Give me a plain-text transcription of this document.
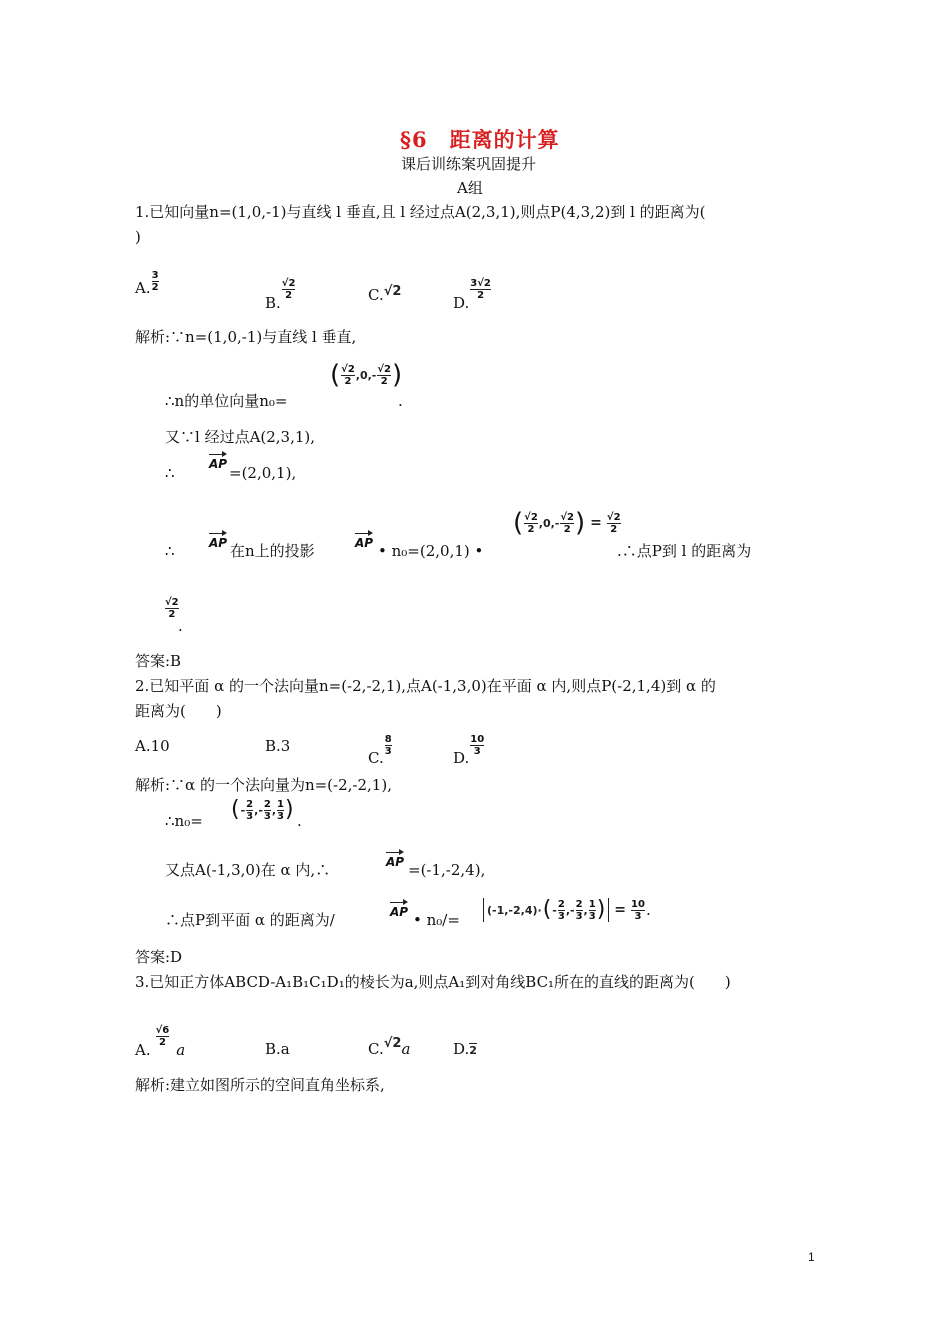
§6　距离的计算
课后训练案巩固提升
A组
1.已知向量n=(1,0,-1)与直线 l 垂直,且 l 经过点A(2,3,1),则点P(4,3,2)到 l 的距离为(
)
A. $\frac{3}{2}$
B.
$\frac{√2}{2}$	C.√2
D.
$\frac{3√2}{2}$
解析:∵n=(1,0,-1)与直线 l 垂直,
∴n的单位向量n₀=
( $\frac{√2}{2} ,0,- \frac{√2}{2}$ )
.
又∵l 经过点A(2,3,1),
∴	AP =(2,0,1),
∴	AP 在n上的投影	AP • n₀=(2,0,1) •
( $\frac{√2}{2} ,0,- \frac{√2}{2}$ ) = $\frac{√2}{2}$
.∴点P到 l 的距离为
$\frac{√2}{2}$
.
答案:B
2.已知平面 α 的一个法向量n=(-2,-2,1),点A(-1,3,0)在平面 α 内,则点P(-2,1,4)到 α 的
距离为(　　)
A.10	B.3
C.
$\frac{8}{3}$
D.
$\frac{10}{3}$
解析:∵α 的一个法向量为n=(-2,-2,1),
∴n₀= ( - $\frac{2}{3}$ ,- $\frac{2}{3}$ , $\frac{1}{3}$ ) .
又点A(-1,3,0)在 α 内,∴	AP =(-1,-2,4),
∴点P到平面 α 的距离为/	AP • n₀/=
(-1,-2,4)· ( - $\frac{2}{3}$ ,- $\frac{2}{3}$ , $\frac{1}{3}$ ) = $\frac{10}{3}$ .
答案:D
3.已知正方体ABCD-A₁B₁C₁D₁的棱长为a,则点A₁到对角线BC₁所在的直线的距离为(　　)
A.
$\frac{√6}{2}$
a	B.a	C.√2a	D.2
解析:建立如图所示的空间直角坐标系,
1
